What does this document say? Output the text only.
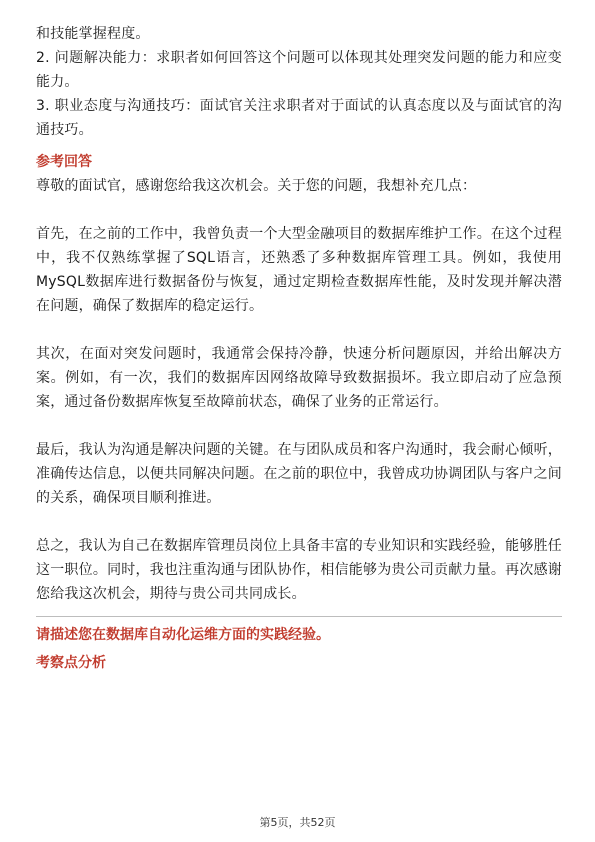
和技能掌握程度。

2. 问题解决能力：求职者如何回答这个问题可以体现其处理突发问题的能力和应变能力。

3. 职业态度与沟通技巧：面试官关注求职者对于面试的认真态度以及与面试官的沟通技巧。

参考回答

尊敬的面试官，感谢您给我这次机会。关于您的问题，我想补充几点：

首先，在之前的工作中，我曾负责一个大型金融项目的数据库维护工作。在这个过程中，我不仅熟练掌握了SQL语言，还熟悉了多种数据库管理工具。例如，我使用MySQL数据库进行数据备份与恢复，通过定期检查数据库性能，及时发现并解决潜在问题，确保了数据库的稳定运行。

其次，在面对突发问题时，我通常会保持冷静，快速分析问题原因，并给出解决方案。例如，有一次，我们的数据库因网络故障导致数据损坏。我立即启动了应急预案，通过备份数据库恢复至故障前状态，确保了业务的正常运行。

最后，我认为沟通是解决问题的关键。在与团队成员和客户沟通时，我会耐心倾听，准确传达信息，以便共同解决问题。在之前的职位中，我曾成功协调团队与客户之间的关系，确保项目顺利推进。

总之，我认为自己在数据库管理员岗位上具备丰富的专业知识和实践经验，能够胜任这一职位。同时，我也注重沟通与团队协作，相信能够为贵公司贡献力量。再次感谢您给我这次机会，期待与贵公司共同成长。

请描述您在数据库自动化运维方面的实践经验。

考察点分析

第5页，共52页
